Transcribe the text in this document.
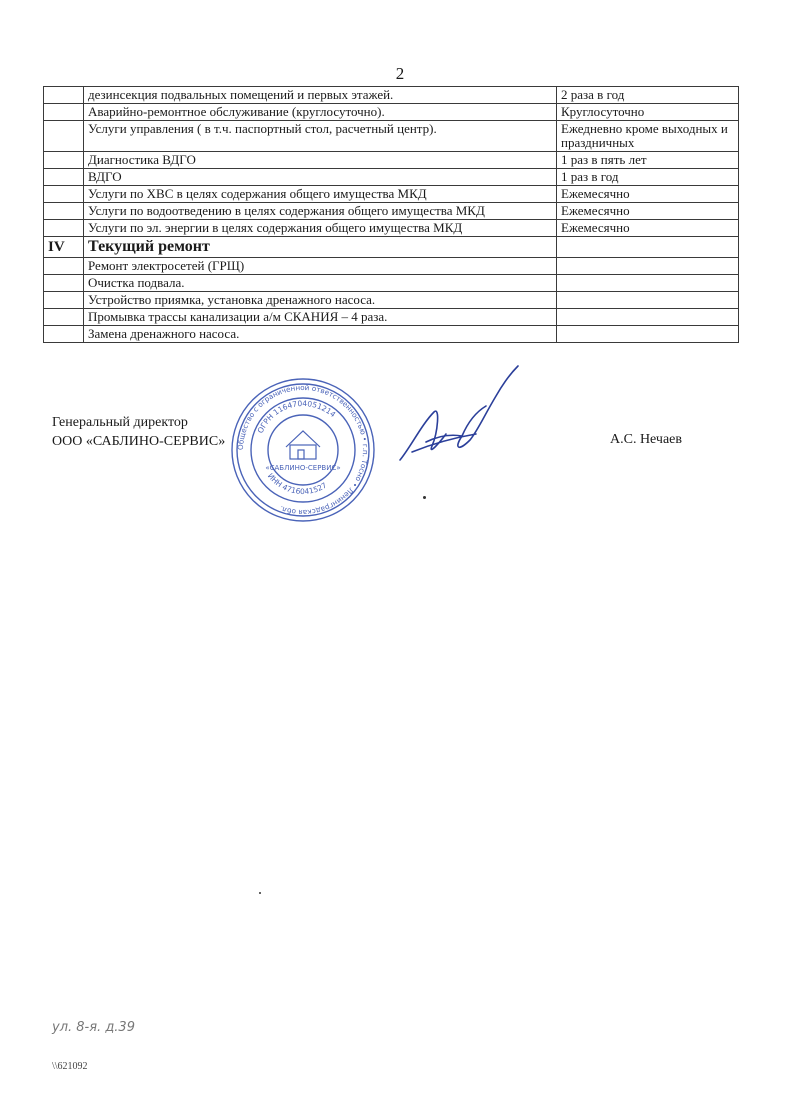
2
	дезинсекция подвальных помещений и первых этажей.	2 раза в год
	Аварийно-ремонтное обслуживание (круглосуточно).	Круглосуточно
	Услуги управления ( в т.ч. паспортный стол, расчетный центр).	Ежедневно кроме выходных и праздничных
	Диагностика ВДГО	1 раз в пять лет
	ВДГО	1 раз в год
	Услуги по ХВС в целях содержания общего имущества МКД	Ежемесячно
	Услуги по водоотведению в целях содержания общего имущества МКД	Ежемесячно
	Услуги по эл. энергии в целях содержания общего имущества МКД	Ежемесячно
IV	Текущий ремонт	
	Ремонт электросетей (ГРЩ)	
	Очистка подвала.	
	Устройство приямка, установка дренажного насоса.	
	Промывка трассы канализации а/м СКАНИЯ – 4 раза.	
	Замена дренажного насоса.	
Генеральный директор
ООО «САБЛИНО-СЕРВИС»	А.С. Нечаев
Общество с ограниченной ответственностью • г.п. Тосно • Ленинградская обл.
ОГРН 1164704051214
ИНН 4716041527
«САБЛИНО-СЕРВИС»
ул. 8-я. д.39
\\621092
